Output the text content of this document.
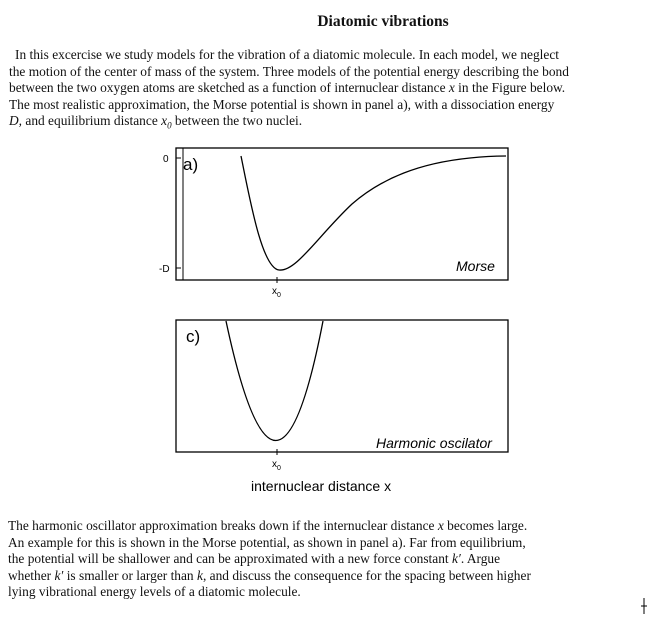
Diatomic vibrations
In this excercise we study models for the vibration of a diatomic molecule. In each model, we neglect
the motion of the center of mass of the system. Three models of the potential energy describing the bond
between the two oxygen atoms are sketched as a function of internuclear distance x in the Figure below.
The most realistic approximation, the Morse potential is shown in panel a), with a dissociation energy
D, and equilibrium distance $x_0$ between the two nuclei.
a)
0
-D	Morse
$x_0$
c)
Harmonic oscilator
$x_0$
internuclear distance x
The harmonic oscillator approximation breaks down if the internuclear distance x becomes large.
An example for this is shown in the Morse potential, as shown in panel a). Far from equilibrium,
the potential will be shallower and can be approximated with a new force constant k′. Argue
whether k′ is smaller or larger than k, and discuss the consequence for the spacing between higher
lying vibrational energy levels of a diatomic molecule.
